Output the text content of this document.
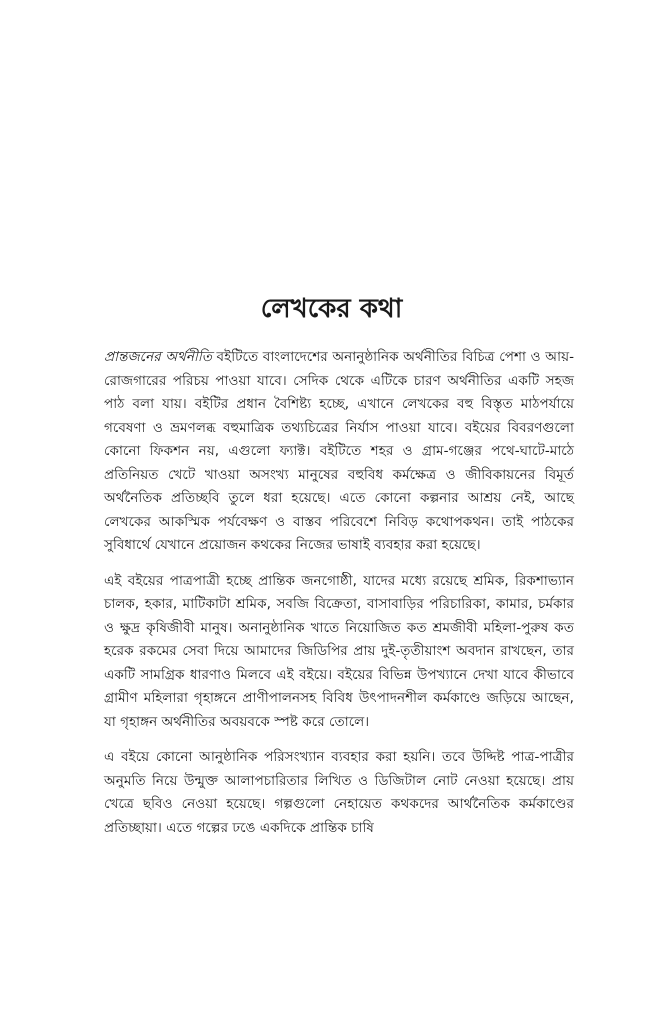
লেখকের কথা

প্রান্তজনের অর্থনীতি বইটিতে বাংলাদেশের অনানুষ্ঠানিক অর্থনীতির বিচিত্র পেশা ও আয়-রোজগারের পরিচয় পাওয়া যাবে। সেদিক থেকে এটিকে চারণ অর্থনীতির একটি সহজ পাঠ বলা যায়। বইটির প্রধান বৈশিষ্ট্য হচ্ছে, এখানে লেখকের বহু বিস্তৃত মাঠপর্যায়ে গবেষণা ও ভ্রমণলব্ধ বহুমাত্রিক তথ্যচিত্রের নির্যাস পাওয়া যাবে। বইয়ের বিবরণগুলো কোনো ফিকশন নয়, এগুলো ফ্যাক্ট। বইটিতে শহর ও গ্রাম-গঞ্জের পথে-ঘাটে-মাঠে প্রতিনিয়ত খেটে খাওয়া অসংখ্য মানুষের বহুবিধ কর্মক্ষেত্র ও জীবিকায়নের বিমূর্ত অর্থনৈতিক প্রতিচ্ছবি তুলে ধরা হয়েছে। এতে কোনো কল্পনার আশ্রয় নেই, আছে লেখকের আকস্মিক পর্যবেক্ষণ ও বাস্তব পরিবেশে নিবিড় কথোপকথন। তাই পাঠকের সুবিধার্থে যেখানে প্রয়োজন কথকের নিজের ভাষাই ব্যবহার করা হয়েছে।

এই বইয়ের পাত্রপাত্রী হচ্ছে প্রান্তিক জনগোষ্ঠী, যাদের মধ্যে রয়েছে শ্রমিক, রিকশাভ্যান চালক, হকার, মাটিকাটা শ্রমিক, সবজি বিক্রেতা, বাসাবাড়ির পরিচারিকা, কামার, চর্মকার ও ক্ষুদ্র কৃষিজীবী মানুষ। অনানুষ্ঠানিক খাতে নিয়োজিত কত শ্রমজীবী মহিলা-পুরুষ কত হরেক রকমের সেবা দিয়ে আমাদের জিডিপির প্রায় দুই-তৃতীয়াংশ অবদান রাখছেন, তার একটি সামগ্রিক ধারণাও মিলবে এই বইয়ে। বইয়ের বিভিন্ন উপখ্যানে দেখা যাবে কীভাবে গ্রামীণ মহিলারা গৃহাঙ্গনে প্রাণীপালনসহ বিবিধ উৎপাদনশীল কর্মকাণ্ডে জড়িয়ে আছেন, যা গৃহাঙ্গন অর্থনীতির অবয়বকে স্পষ্ট করে তোলে।

এ বইয়ে কোনো আনুষ্ঠানিক পরিসংখ্যান ব্যবহার করা হয়নি। তবে উদ্দিষ্ট পাত্র-পাত্রীর অনুমতি নিয়ে উন্মুক্ত আলাপচারিতার লিখিত ও ডিজিটাল নোট নেওয়া হয়েছে। প্রায় খেত্রে ছবিও নেওয়া হয়েছে। গল্পগুলো নেহায়েত কথকদের আর্থনৈতিক কর্মকাণ্ডের প্রতিচ্ছায়া। এতে গল্পের ঢঙে একদিকে প্রান্তিক চাষি
